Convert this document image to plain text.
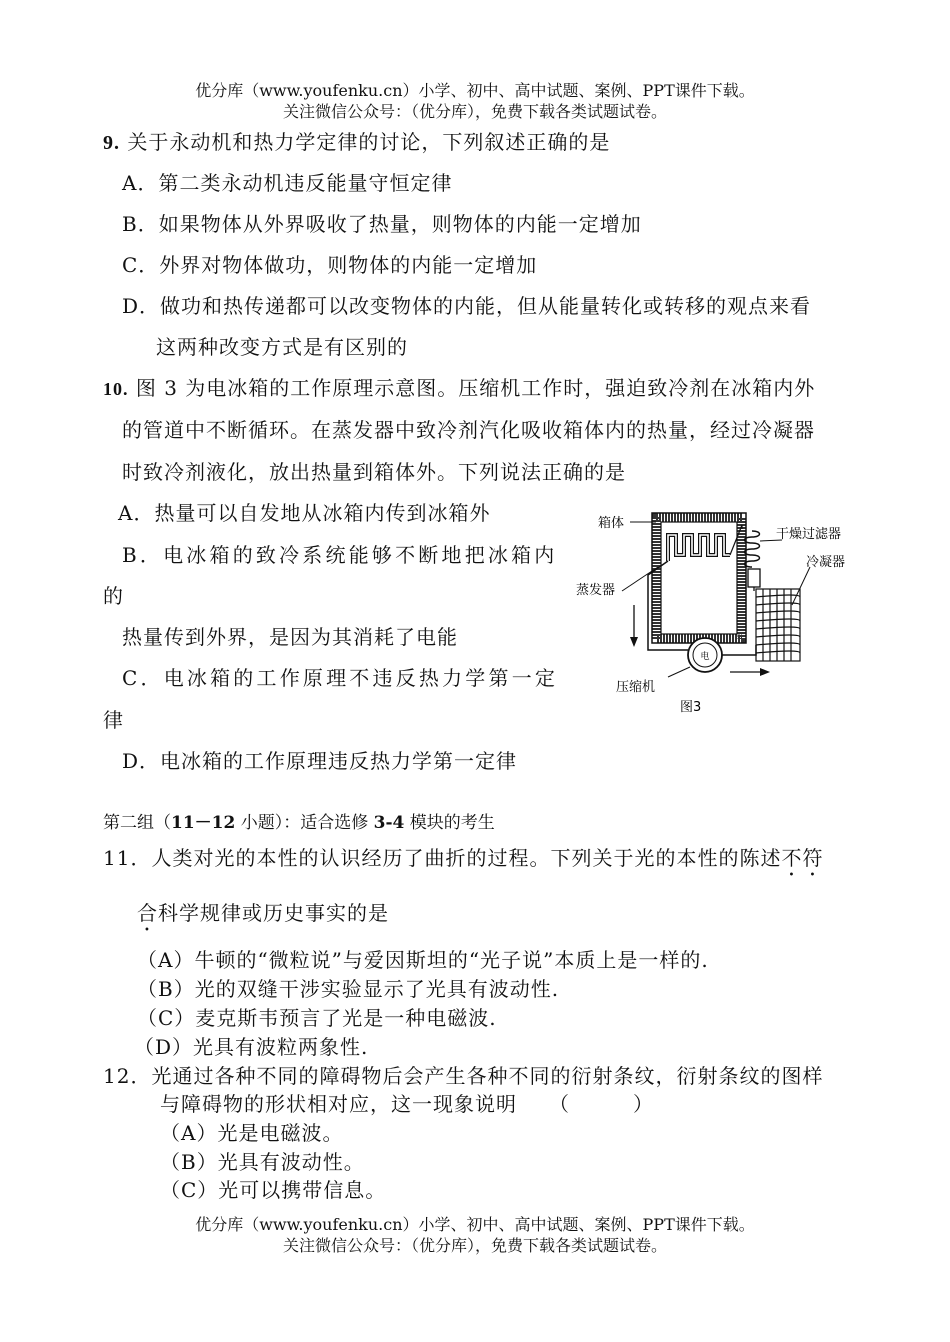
优分库（www.youfenku.cn）小学、初中、高中试题、案例、PPT课件下载。
关注微信公众号：（优分库），免费下载各类试题试卷。
9. 关于永动机和热力学定律的讨论，下列叙述正确的是
A．第二类永动机违反能量守恒定律
B．如果物体从外界吸收了热量，则物体的内能一定增加
C．外界对物体做功，则物体的内能一定增加
D．做功和热传递都可以改变物体的内能，但从能量转化或转移的观点来看
这两种改变方式是有区别的
10. 图 3 为电冰箱的工作原理示意图。压缩机工作时，强迫致冷剂在冰箱内外
的管道中不断循环。在蒸发器中致冷剂汽化吸收箱体内的热量，经过冷凝器
时致冷剂液化，放出热量到箱体外。下列说法正确的是
A．热量可以自发地从冰箱内传到冰箱外
B．电冰箱的致冷系统能够不断地把冰箱内
的
热量传到外界，是因为其消耗了电能
C．电冰箱的工作原理不违反热力学第一定
律
D．电冰箱的工作原理违反热力学第一定律
电
箱体
干燥过滤器
冷凝器
蒸发器
压缩机
图3
第二组（11－12 小题）：适合选修 3-4 模块的考生
11．人类对光的本性的认识经历了曲折的过程。下列关于光的本性的陈述不符
合科学规律或历史事实的是
（A）牛顿的“微粒说”与爱因斯坦的“光子说”本质上是一样的.
（B）光的双缝干涉实验显示了光具有波动性.
（C）麦克斯韦预言了光是一种电磁波.
（D）光具有波粒两象性.
12．光通过各种不同的障碍物后会产生各种不同的衍射条纹，衍射条纹的图样
与障碍物的形状相对应，这一现象说明　　（　　　）
（A）光是电磁波。
（B）光具有波动性。
（C）光可以携带信息。
优分库（www.youfenku.cn）小学、初中、高中试题、案例、PPT课件下载。
关注微信公众号：（优分库），免费下载各类试题试卷。
